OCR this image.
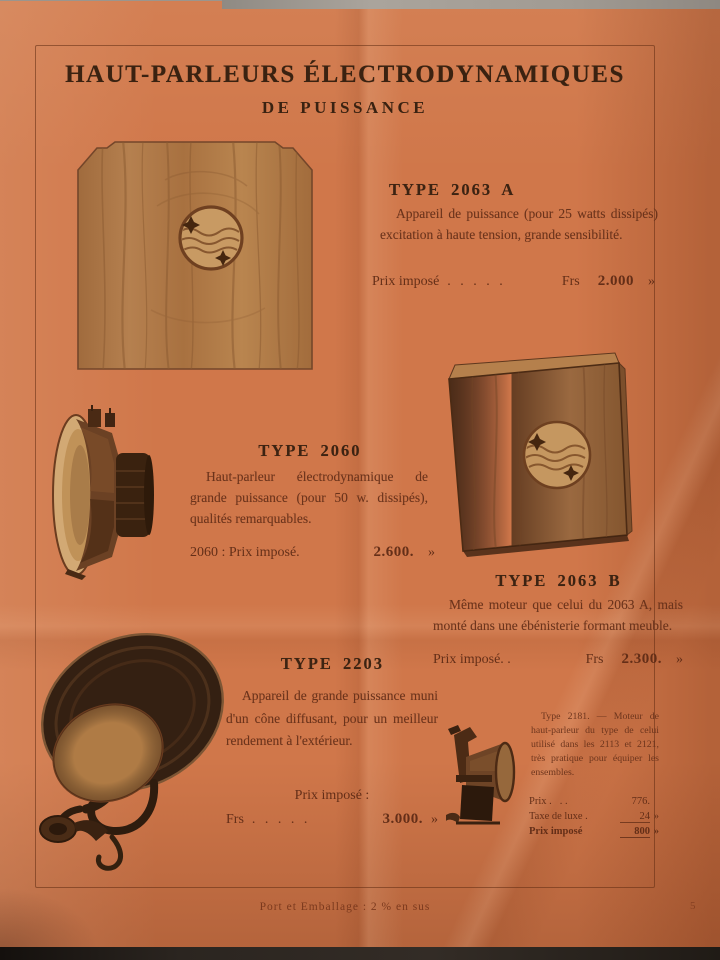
HAUT-PARLEURS ÉLECTRODYNAMIQUES
DE PUISSANCE
TYPE 2063 A
Appareil de puissance (pour 25 watts dissipés) excitation à haute tension, grande sensibilité.
Prix imposé . . . . .	Frs 2.000 »
TYPE 2060
Haut-parleur électrodynamique de grande puissance (pour 50 w. dissipés), qualités remarquables.
2060 : Prix imposé.	2.600. »
TYPE 2063 B
Même moteur que celui du 2063 A, mais monté dans une ébénisterie formant meuble.
Prix imposé. .	Frs 2.300. »
TYPE 2203
Appareil de grande puissance muni d'un cône diffusant, pour un meilleur rendement à l'extérieur.
Prix imposé :
Frs . . . . .	3.000. »
Type 2181. — Moteur de haut-parleur du type de celui utilisé dans les 2113 et 2121, très pratique pour équiper les ensembles.
Prix . . .	776.
Taxe de luxe .	24 »
Prix imposé	800 »
Port et Emballage : 2 % en sus	5
